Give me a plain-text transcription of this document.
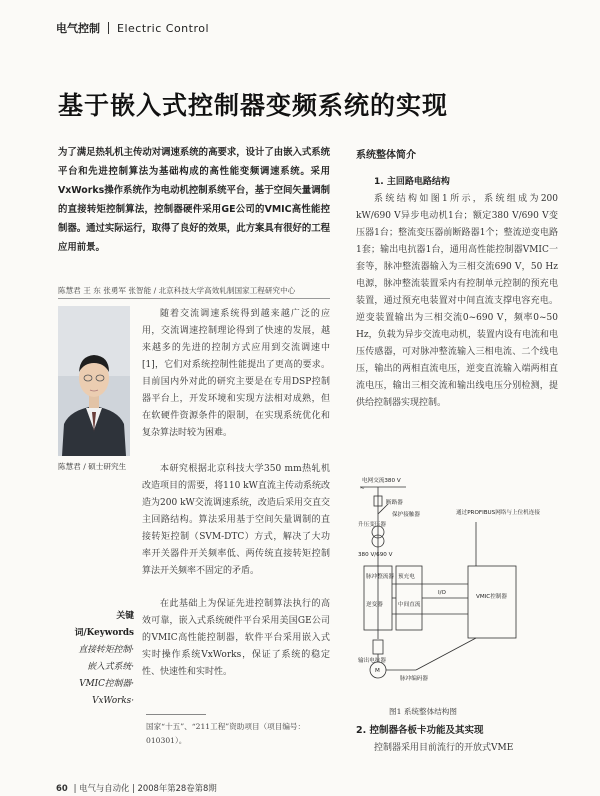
电气控制 Electric Control
基于嵌入式控制器变频系统的实现
为了满足热轧机主传动对调速系统的高要求，设计了由嵌入式系统平台和先进控制算法为基础构成的高性能变频调速系统。采用VxWorks操作系统作为电动机控制系统平台，基于空间矢量调制的直接转矩控制算法，控制器硬件采用GE公司的VMIC高性能控制器。通过实际运行，取得了良好的效果，此方案具有很好的工程应用前景。
陈慧君 王 东 张勇军 张智能 / 北京科技大学高效轧制国家工程研究中心
陈慧君 / 硕士研究生

随着交流调速系统得到越来越广泛的应用，交流调速控制理论得到了快速的发展，越来越多的先进的控制方式应用到交流调速中[1]，它们对系统控制性能提出了更高的要求。目前国内外对此的研究主要是在专用DSP控制器平台上，开发环境和实现方法相对成熟，但在软硬件资源条件的限制，在实现系统优化和复杂算法时较为困难。

本研究根据北京科技大学350 mm热轧机改造项目的需要，将110 kW直流主传动系统改造为200 kW交流调速系统，改造后采用交直交主回路结构。算法采用基于空间矢量调制的直接转矩控制（SVM-DTC）方式，解决了大功率开关器件开关频率低、两传统直接转矩控制算法开关频率不固定的矛盾。

在此基础上为保证先进控制算法执行的高效可靠，嵌入式系统硬件平台采用美国GE公司的VMIC高性能控制器，软件平台采用嵌入式实时操作系统VxWorks，保证了系统的稳定性、快速性和实时性。

关键词/Keywords
直接转矩控制·
嵌入式系统·
VMIC控制器·
VxWorks·
国家“十五”、“211工程”资助项目（项目编号：010301）。
系统整体简介
1. 主回路电路结构

系统结构如图1所示，系统组成为200 kW/690 V异步电动机1台；额定380 V/690 V变压器1台；整流变压器前断路器1个；整流逆变电路1套；输出电抗器1台，通用高性能控制器VMIC一套等，脉冲整流器输入为三相交流690 V，50 Hz电源，脉冲整流装置采内有控制单元控制的预充电装置，通过预充电装置对中间直流支撑电容充电。逆变装置输出为三相交流0~690 V，频率0~50 Hz，负载为异步交流电动机，装置内设有电流和电压传感器，可对脉冲整流输入三相电流、二个线电压，输出的两相直流电压，逆变直流输入端两相直流电压，输出三相交流和输出线电压分别检测，提供给控制器实现控制。

电网交流380 V
~
断路器
保护接触器
升压变压器
380 V/690 V
通过PROFIBUS网络与上位机连接
脉冲整流器 预充电
中间直流
逆变器
I/O
VMIC控制器
输出电抗器
M
脉冲编码器
图1 系统整体结构图
2. 控制器各板卡功能及其实现

控制器采用目前流行的开放式VME

60 | 电气与自动化 | 2008年第28卷第8期
